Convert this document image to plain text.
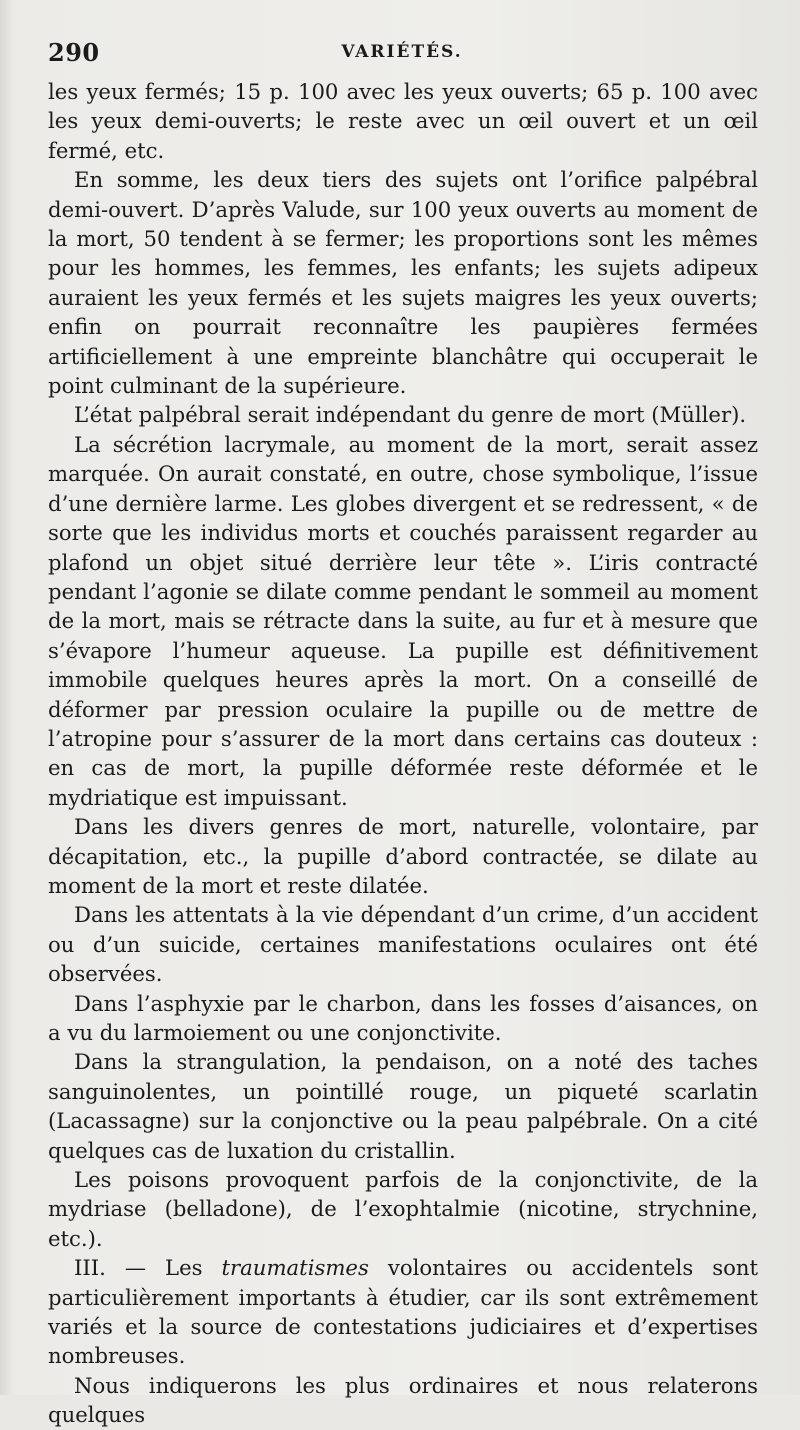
290	VARIÉTÉS.

les yeux fermés; 15 p. 100 avec les yeux ouverts; 65 p. 100 avec les yeux demi-ouverts; le reste avec un œil ouvert et un œil fermé, etc.

En somme, les deux tiers des sujets ont l’orifice palpébral demi-ouvert. D’après Valude, sur 100 yeux ouverts au moment de la mort, 50 tendent à se fermer; les proportions sont les mêmes pour les hommes, les femmes, les enfants; les sujets adipeux auraient les yeux fermés et les sujets maigres les yeux ouverts; enfin on pourrait reconnaître les paupières fermées artificiellement à une empreinte blanchâtre qui occuperait le point culminant de la supérieure.

L’état palpébral serait indépendant du genre de mort (Müller).

La sécrétion lacrymale, au moment de la mort, serait assez marquée. On aurait constaté, en outre, chose symbolique, l’issue d’une dernière larme. Les globes divergent et se redressent, « de sorte que les individus morts et couchés paraissent regarder au plafond un objet situé derrière leur tête ». L’iris contracté pendant l’agonie se dilate comme pendant le sommeil au moment de la mort, mais se rétracte dans la suite, au fur et à mesure que s’évapore l’humeur aqueuse. La pupille est définitivement immobile quelques heures après la mort. On a conseillé de déformer par pression oculaire la pupille ou de mettre de l’atropine pour s’assurer de la mort dans certains cas douteux : en cas de mort, la pupille déformée reste déformée et le mydriatique est impuissant.

Dans les divers genres de mort, naturelle, volontaire, par décapitation, etc., la pupille d’abord contractée, se dilate au moment de la mort et reste dilatée.

Dans les attentats à la vie dépendant d’un crime, d’un accident ou d’un suicide, certaines manifestations oculaires ont été observées.

Dans l’asphyxie par le charbon, dans les fosses d’aisances, on a vu du larmoiement ou une conjonctivite.

Dans la strangulation, la pendaison, on a noté des taches sanguinolentes, un pointillé rouge, un piqueté scarlatin (Lacassagne) sur la conjonctive ou la peau palpébrale. On a cité quelques cas de luxation du cristallin.

Les poisons provoquent parfois de la conjonctivite, de la mydriase (belladone), de l’exophtalmie (nicotine, strychnine, etc.).

III. — Les traumatismes volontaires ou accidentels sont particulièrement importants à étudier, car ils sont extrêmement variés et la source de contestations judiciaires et d’expertises nombreuses.

Nous indiquerons les plus ordinaires et nous relaterons quelques
